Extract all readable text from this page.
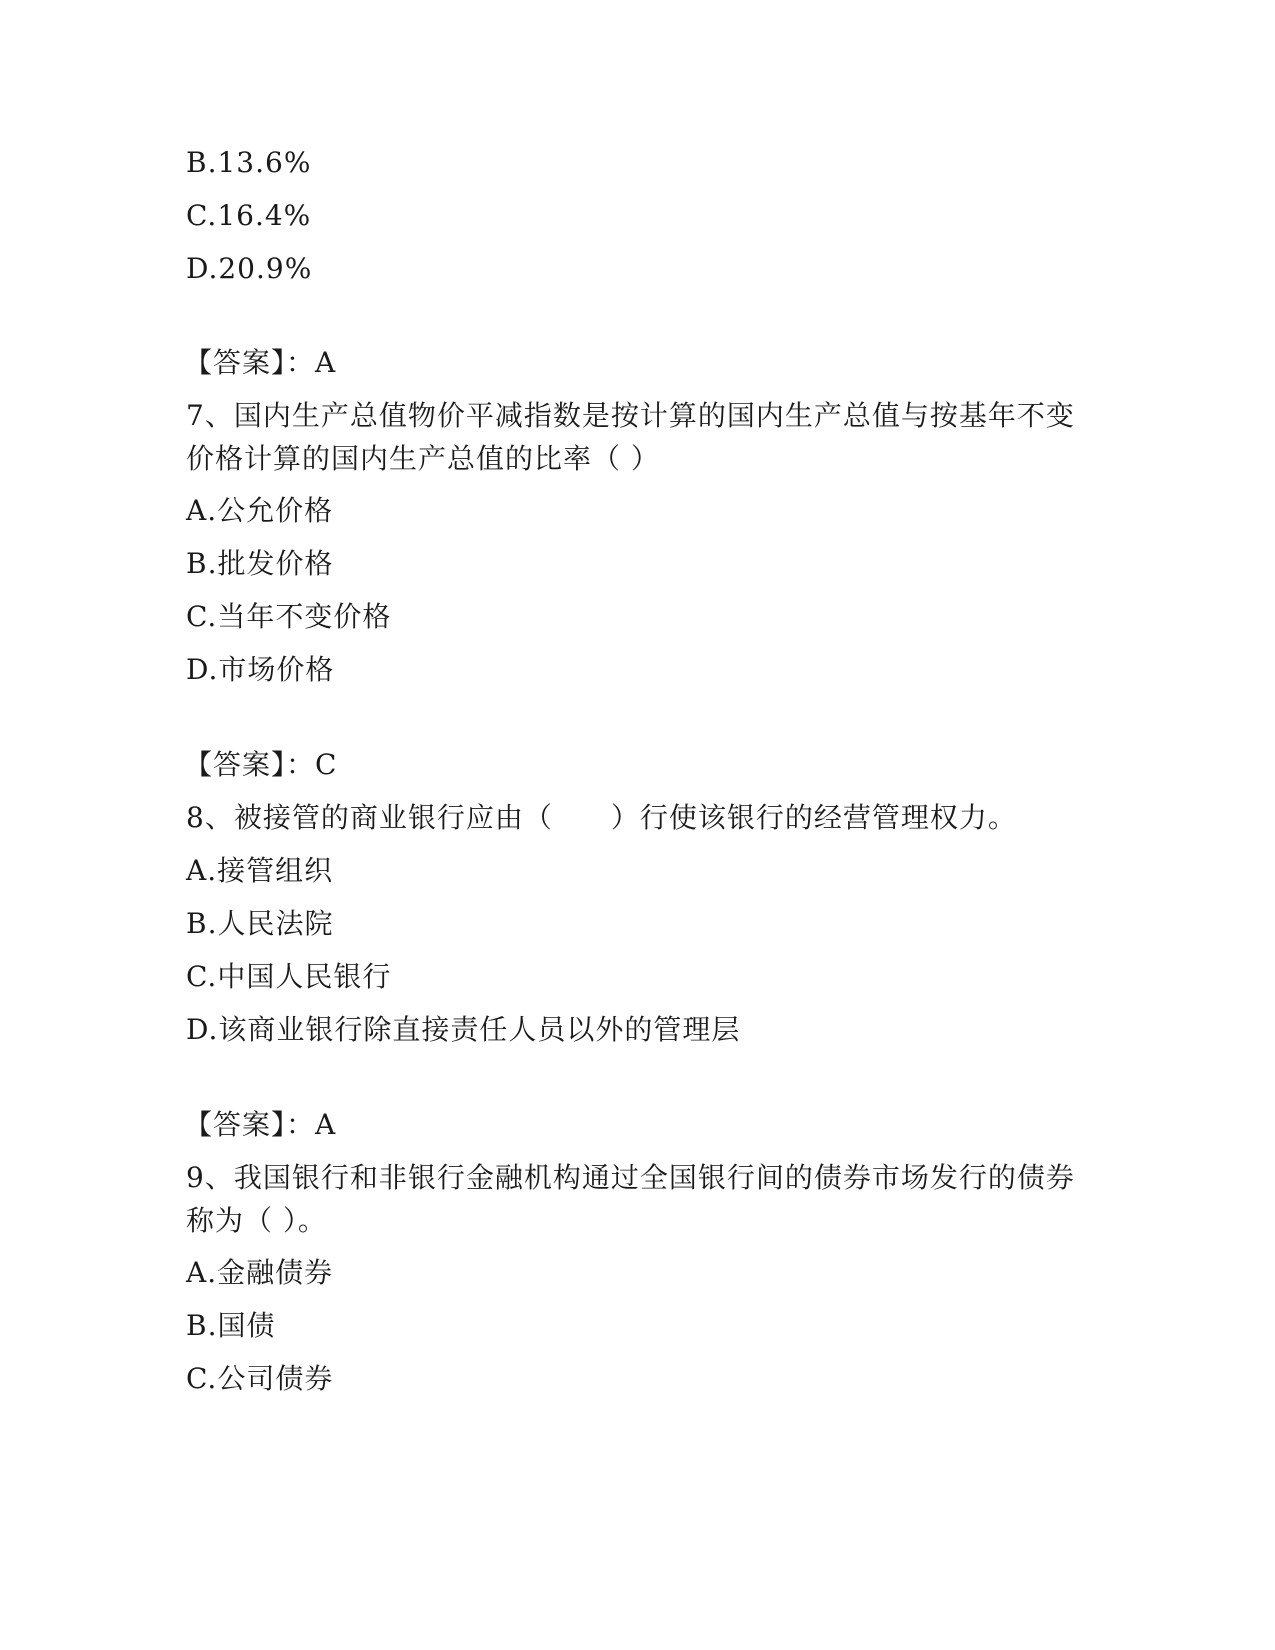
B.13.6%
C.16.4%
D.20.9%
【答案】：A
7、国内生产总值物价平减指数是按计算的国内生产总值与按基年不变
价格计算的国内生产总值的比率（ ）
A.公允价格
B.批发价格
C.当年不变价格
D.市场价格
【答案】：C
8、被接管的商业银行应由（　　）行使该银行的经营管理权力。
A.接管组织
B.人民法院
C.中国人民银行
D.该商业银行除直接责任人员以外的管理层
【答案】：A
9、我国银行和非银行金融机构通过全国银行间的债券市场发行的债券
称为（ ）。
A.金融债券
B.国债
C.公司债券
